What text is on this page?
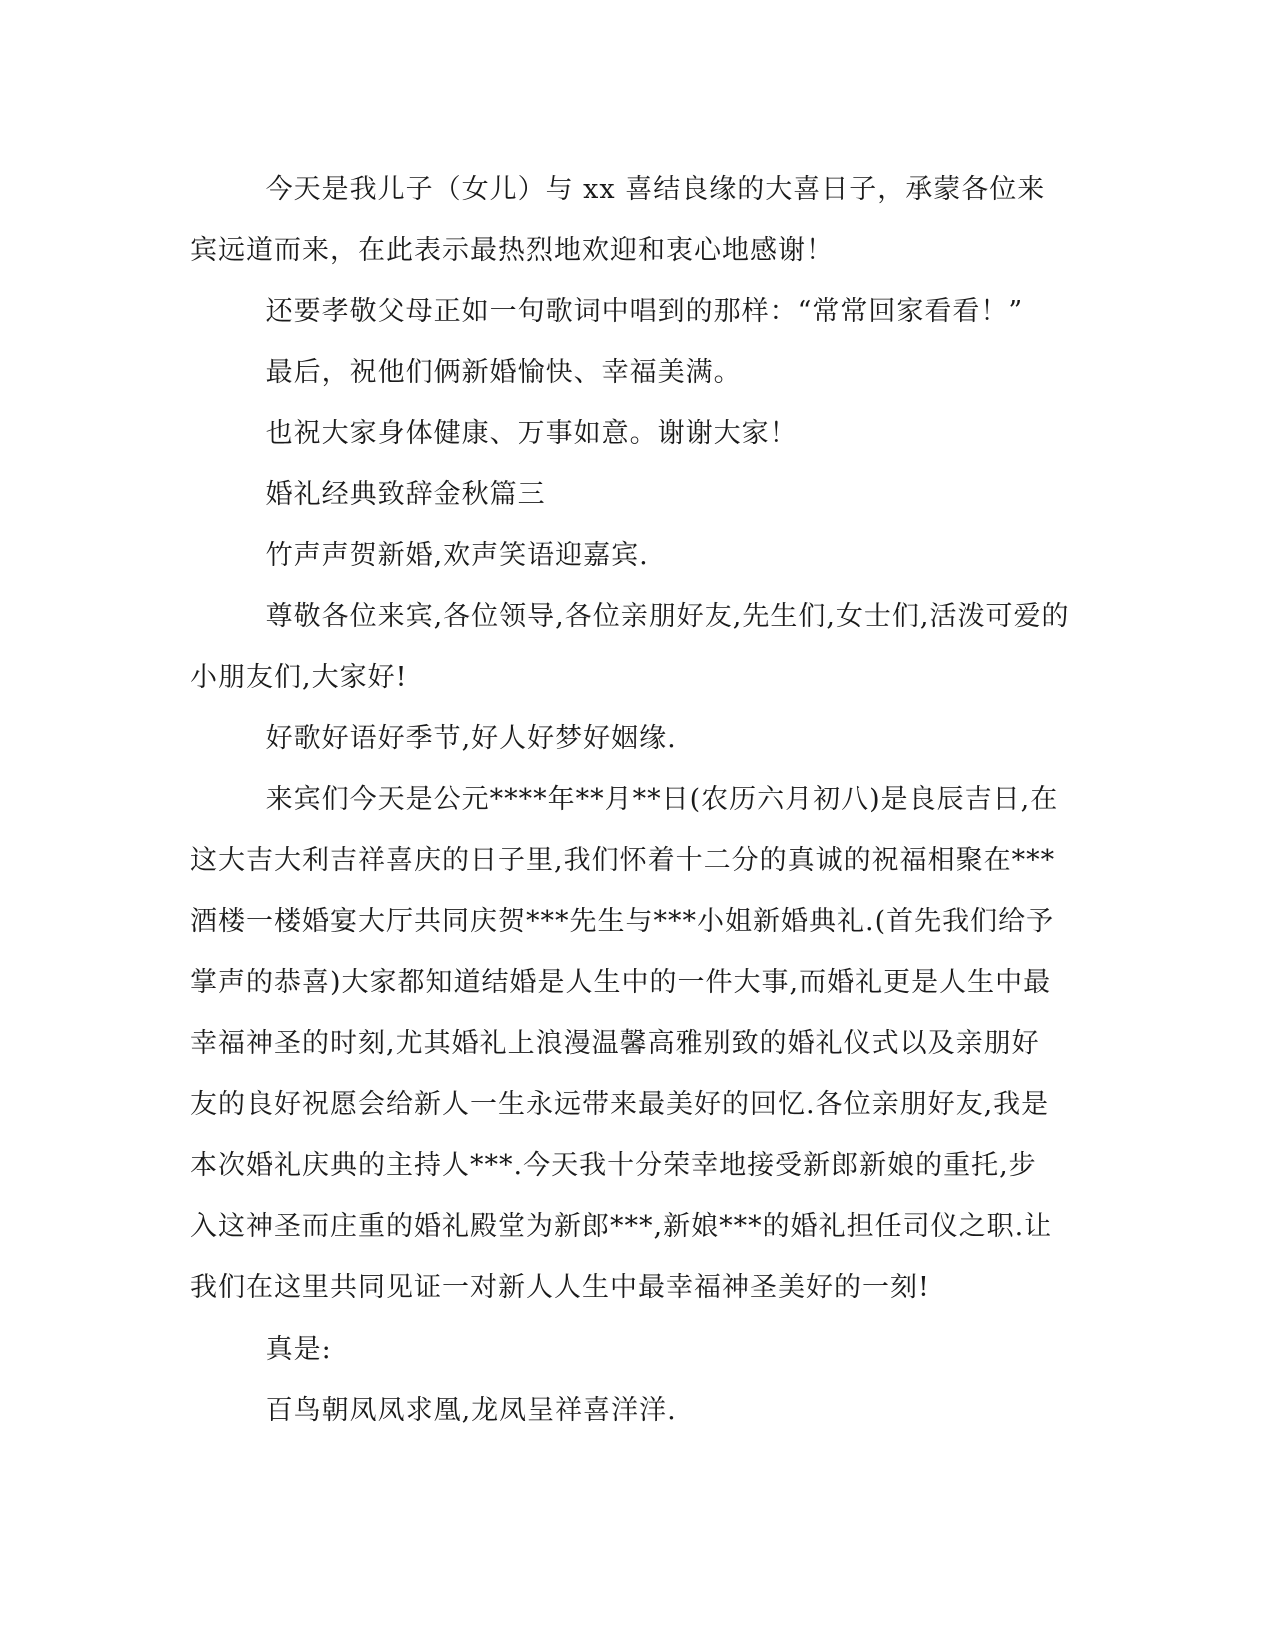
今天是我儿子（女儿）与 xx 喜结良缘的大喜日子，承蒙各位来
宾远道而来，在此表示最热烈地欢迎和衷心地感谢！

还要孝敬父母正如一句歌词中唱到的那样：“常常回家看看！”

最后，祝他们俩新婚愉快、幸福美满。

也祝大家身体健康、万事如意。谢谢大家！

婚礼经典致辞金秋篇三

竹声声贺新婚,欢声笑语迎嘉宾.

尊敬各位来宾,各位领导,各位亲朋好友,先生们,女士们,活泼可爱的
小朋友们,大家好!

好歌好语好季节,好人好梦好姻缘.

来宾们今天是公元****年**月**日(农历六月初八)是良辰吉日,在
这大吉大利吉祥喜庆的日子里,我们怀着十二分的真诚的祝福相聚在***
酒楼一楼婚宴大厅共同庆贺***先生与***小姐新婚典礼.(首先我们给予
掌声的恭喜)大家都知道结婚是人生中的一件大事,而婚礼更是人生中最
幸福神圣的时刻,尤其婚礼上浪漫温馨高雅别致的婚礼仪式以及亲朋好
友的良好祝愿会给新人一生永远带来最美好的回忆.各位亲朋好友,我是
本次婚礼庆典的主持人***.今天我十分荣幸地接受新郎新娘的重托,步
入这神圣而庄重的婚礼殿堂为新郎***,新娘***的婚礼担任司仪之职.让
我们在这里共同见证一对新人人生中最幸福神圣美好的一刻!

真是:

百鸟朝凤凤求凰,龙凤呈祥喜洋洋.
